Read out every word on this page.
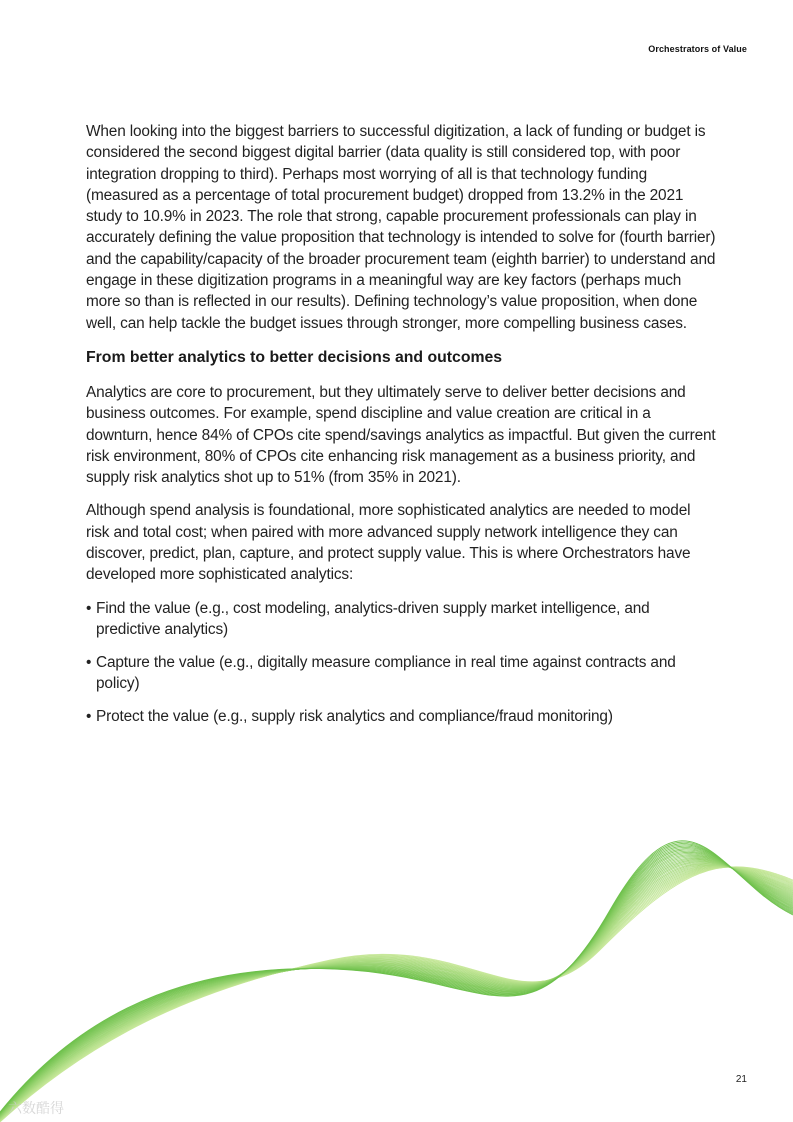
Orchestrators of Value

When looking into the biggest barriers to successful digitization, a lack of funding or budget is considered the second biggest digital barrier (data quality is still considered top, with poor integration dropping to third). Perhaps most worrying of all is that technology funding (measured as a percentage of total procurement budget) dropped from 13.2% in the 2021 study to 10.9% in 2023. The role that strong, capable procurement professionals can play in accurately defining the value proposition that technology is intended to solve for (fourth barrier) and the capability/capacity of the broader procurement team (eighth barrier) to understand and engage in these digitization programs in a meaningful way are key factors (perhaps much more so than is reflected in our results). Defining technology’s value proposition, when done well, can help tackle the budget issues through stronger, more compelling business cases.

From better analytics to better decisions and outcomes

Analytics are core to procurement, but they ultimately serve to deliver better decisions and business outcomes. For example, spend discipline and value creation are critical in a downturn, hence 84% of CPOs cite spend/savings analytics as impactful. But given the current risk environment, 80% of CPOs cite enhancing risk management as a business priority, and supply risk analytics shot up to 51% (from 35% in 2021).

Although spend analysis is foundational, more sophisticated analytics are needed to model risk and total cost; when paired with more advanced supply network intelligence they can discover, predict, plan, capture, and protect supply value. This is where Orchestrators have developed more sophisticated analytics:

• Find the value (e.g., cost modeling, analytics-driven supply market intelligence, and predictive analytics)
• Capture the value (e.g., digitally measure compliance in real time against contracts and policy)
• Protect the value (e.g., supply risk analytics and compliance/fraud monitoring)
21
六数酷得
